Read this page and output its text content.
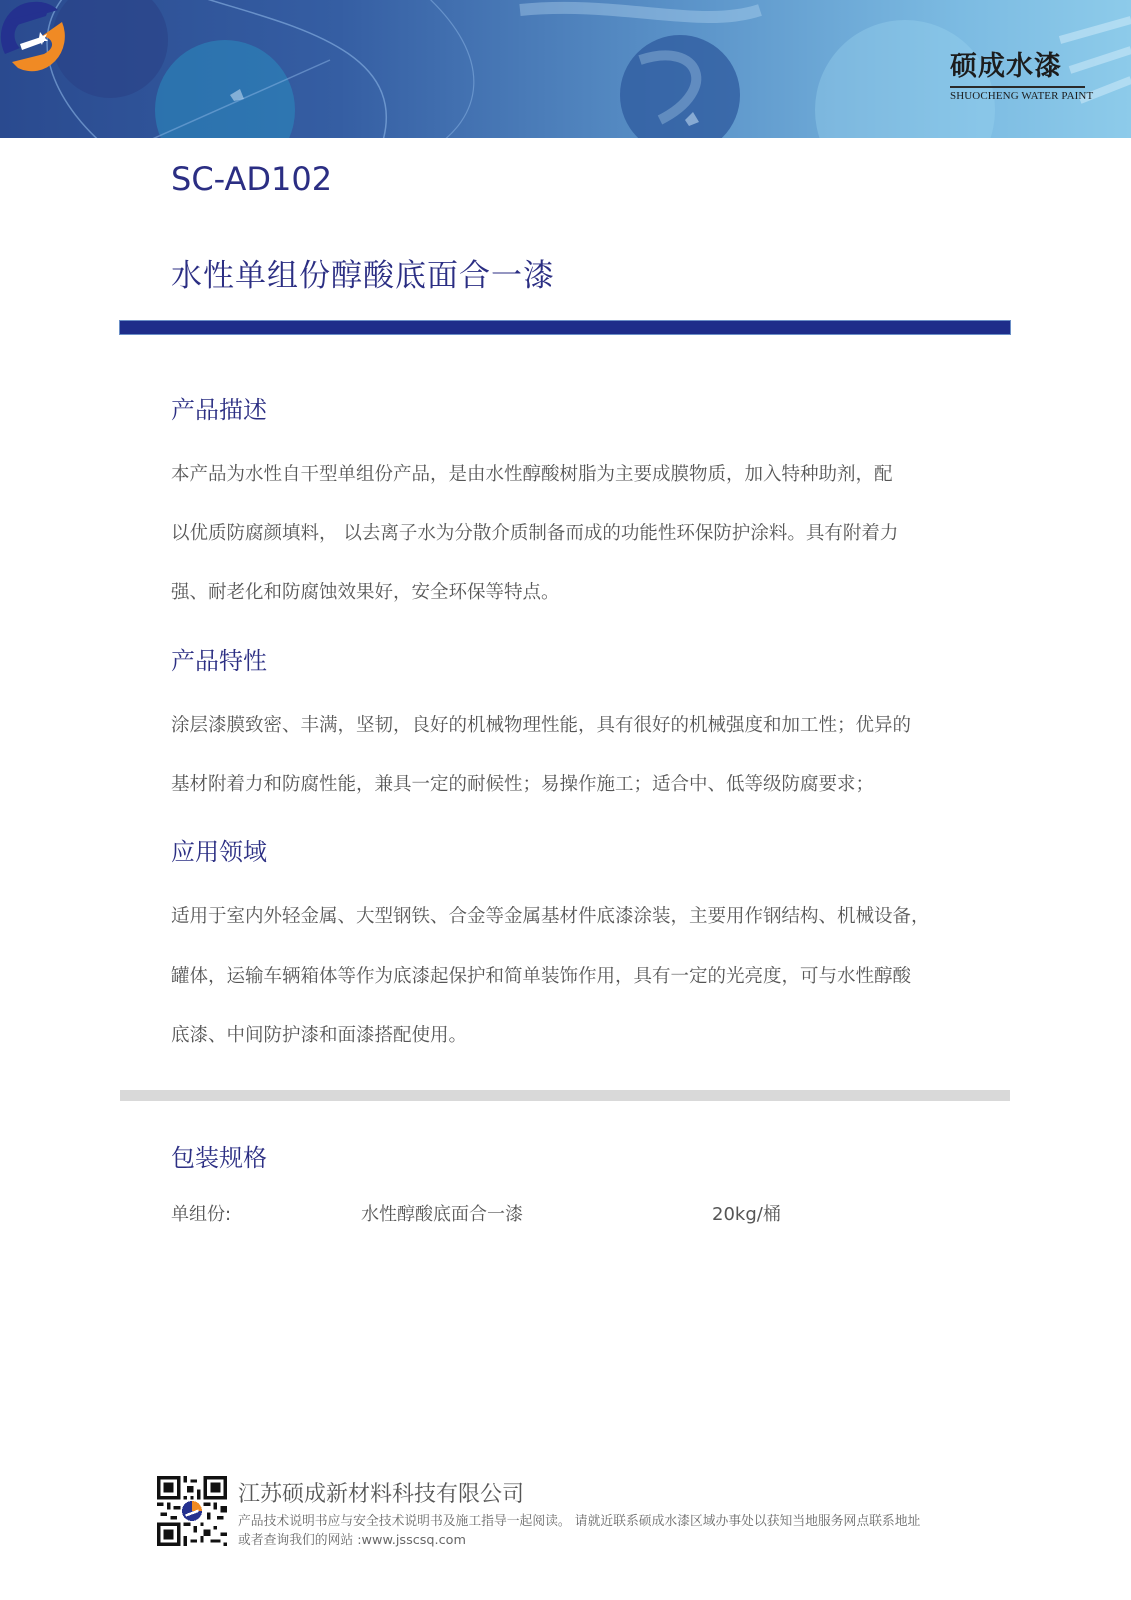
硕成水漆
SHUOCHENG WATER PAINT
SC-AD102
水性单组份醇酸底面合一漆
产品描述
本产品为水性自干型单组份产品，是由水性醇酸树脂为主要成膜物质，加入特种助剂，配
以优质防腐颜填料， 以去离子水为分散介质制备而成的功能性环保防护涂料。具有附着力
强、耐老化和防腐蚀效果好，安全环保等特点。
产品特性
涂层漆膜致密、丰满，坚韧，良好的机械物理性能，具有很好的机械强度和加工性；优异的
基材附着力和防腐性能，兼具一定的耐候性；易操作施工；适合中、低等级防腐要求；
应用领域
适用于室内外轻金属、大型钢铁、合金等金属基材件底漆涂装，主要用作钢结构、机械设备，
罐体，运输车辆箱体等作为底漆起保护和简单装饰作用，具有一定的光亮度，可与水性醇酸
底漆、中间防护漆和面漆搭配使用。
包装规格
单组份:	水性醇酸底面合一漆	20kg/桶
江苏硕成新材料科技有限公司
产品技术说明书应与安全技术说明书及施工指导一起阅读。 请就近联系硕成水漆区域办事处以获知当地服务网点联系地址
或者查询我们的网站 :www.jsscsq.com
